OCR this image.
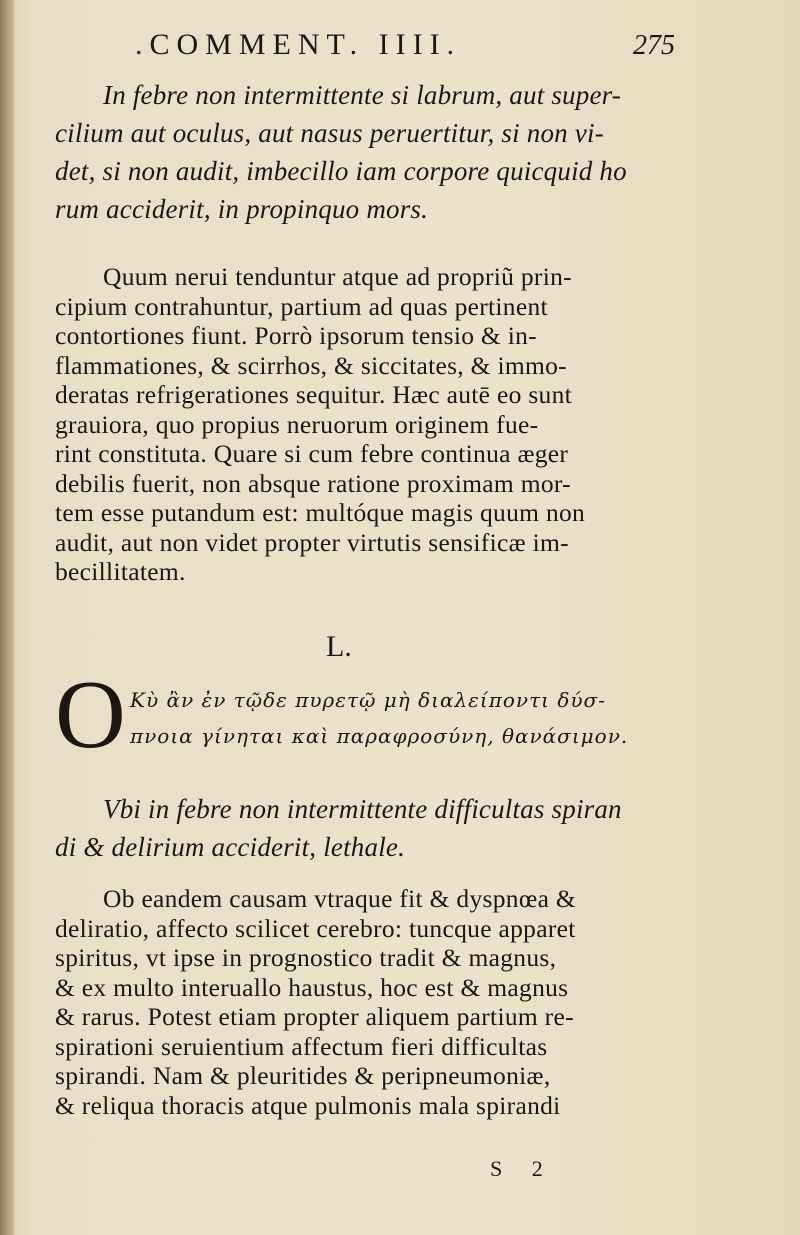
.COMMENT. IIII.	275

In febre non intermittente si labrum, aut super-

cilium aut oculus, aut nasus peruertitur, si non vi-

det, si non audit, imbecillo iam corpore quicquid ho

rum acciderit, in propinquo mors.

Quum nerui tenduntur atque ad propriũ prin-

cipium contrahuntur, partium ad quas pertinent

contortiones fiunt. Porrò ipsorum tensio & in-

flammationes, & scirrhos, & siccitates, & immo-

deratas refrigerationes sequitur. Hæc autē eo sunt

grauiora, quo propius neruorum originem fue-

rint constituta. Quare si cum febre continua æger

debilis fuerit, non absque ratione proximam mor-

tem esse putandum est: multóque magis quum non

audit, aut non videt propter virtutis sensificæ im-

becillitatem.

L.
O Κὺ ἂν ἐν τῷδε πυρετῷ μὴ διαλείποντι δύσ-
πνοια γίνηται καὶ παραφροσύνη, θανάσιμον.

Vbi in febre non intermittente difficultas spiran

di & delirium acciderit, lethale.

Ob eandem causam vtraque fit & dyspnœa &

deliratio, affecto scilicet cerebro: tuncque apparet

spiritus, vt ipse in prognostico tradit & magnus,

& ex multo interuallo haustus, hoc est & magnus

& rarus. Potest etiam propter aliquem partium re-

spirationi seruientium affectum fieri difficultas

spirandi. Nam & pleuritides & peripneumoniæ,

& reliqua thoracis atque pulmonis mala spirandi

S 2
